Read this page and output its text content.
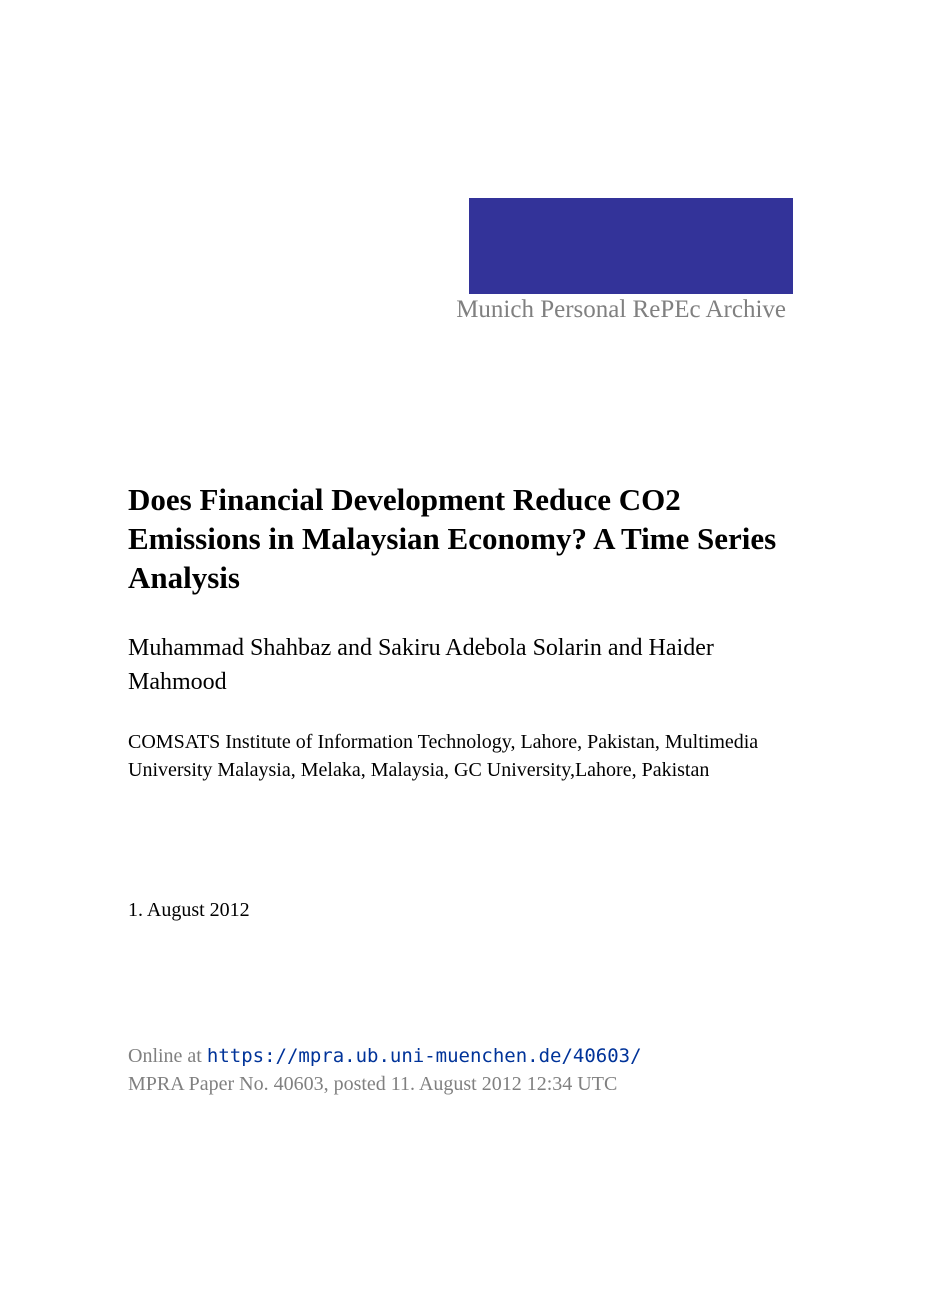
Munich Personal RePEc Archive
Does Financial Development Reduce CO2 Emissions in Malaysian Economy? A Time Series Analysis

Muhammad Shahbaz and Sakiru Adebola Solarin and Haider Mahmood

COMSATS Institute of Information Technology, Lahore, Pakistan, Multimedia University Malaysia, Melaka, Malaysia, GC University,Lahore, Pakistan

1. August 2012

Online at https://mpra.ub.uni-muenchen.de/40603/
MPRA Paper No. 40603, posted 11. August 2012 12:34 UTC
